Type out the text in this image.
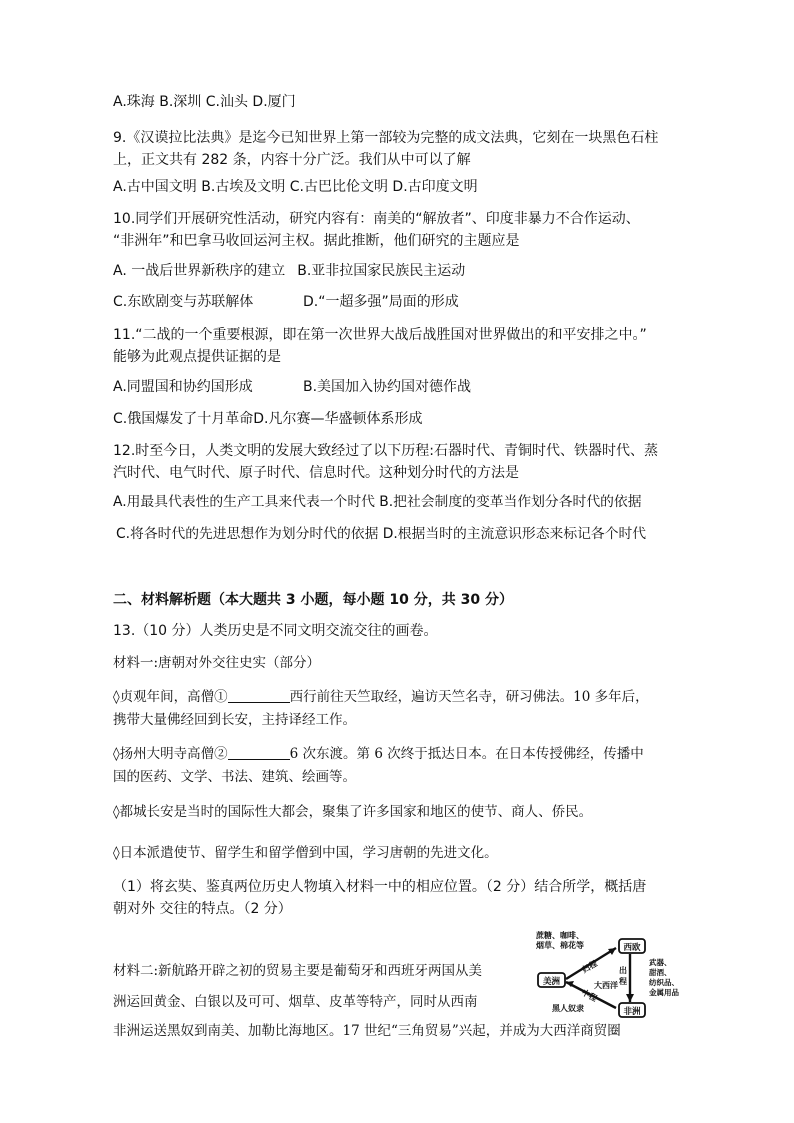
A.珠海 B.深圳 C.汕头 D.厦门
9.《汉谟拉比法典》是迄今已知世界上第一部较为完整的成文法典，它刻在一块黑色石柱
上，正文共有 282 条，内容十分广泛。我们从中可以了解
A.古中国文明 B.古埃及文明 C.古巴比伦文明 D.古印度文明
10.同学们开展研究性活动，研究内容有：南美的“解放者”、印度非暴力不合作运动、
“非洲年”和巴拿马收回运河主权。据此推断，他们研究的主题应是
A. 一战后世界新秩序的建立 B.亚非拉国家民族民主运动
C.东欧剧变与苏联解体	D.“一超多强”局面的形成
11.“二战的一个重要根源，即在第一次世界大战后战胜国对世界做出的和平安排之中。”
能够为此观点提供证据的是
A.同盟国和协约国形成	B.美国加入协约国对德作战
C.俄国爆发了十月革命D.凡尔赛—华盛顿体系形成
12.时至今日，人类文明的发展大致经过了以下历程:石器时代、青铜时代、铁器时代、蒸
汽时代、电气时代、原子时代、信息时代。这种划分时代的方法是
A.用最具代表性的生产工具来代表一个时代 B.把社会制度的变革当作划分各时代的依据
C.将各时代的先进思想作为划分时代的依据 D.根据当时的主流意识形态来标记各个时代
二、材料解析题（本大题共 3 小题，每小题 10 分，共 30 分）
13.（10 分）人类历史是不同文明交流交往的画卷。
材料一:唐朝对外交往史实（部分）
◊贞观年间，高僧①	西行前往天竺取经，遍访天竺名寺，研习佛法。10 多年后，
携带大量佛经回到长安，主持译经工作。
◊扬州大明寺高僧②	6 次东渡。第 6 次终于抵达日本。在日本传授佛经，传播中
国的医药、文学、书法、建筑、绘画等。
◊都城长安是当时的国际性大都会，聚集了许多国家和地区的使节、商人、侨民。
◊日本派遣使节、留学生和留学僧到中国，学习唐朝的先进文化。
（1）将玄奘、鉴真两位历史人物填入材料一中的相应位置。（2 分）结合所学，概括唐
朝对外 交往的特点。（2 分）
材料二:新航路开辟之初的贸易主要是葡萄牙和西班牙两国从美
洲运回黄金、白银以及可可、烟草、皮革等特产，同时从西南
非洲运送黑奴到南美、加勒比海地区。17 世纪“三角贸易”兴起，并成为大西洋商贸圈
蔗糖、咖啡、
烟草、棉花等	西欧
美洲
非洲
归程
大西洋
中程
出
程
武器、
甜酒、
纺织品、
金属用品
黑人奴隶
